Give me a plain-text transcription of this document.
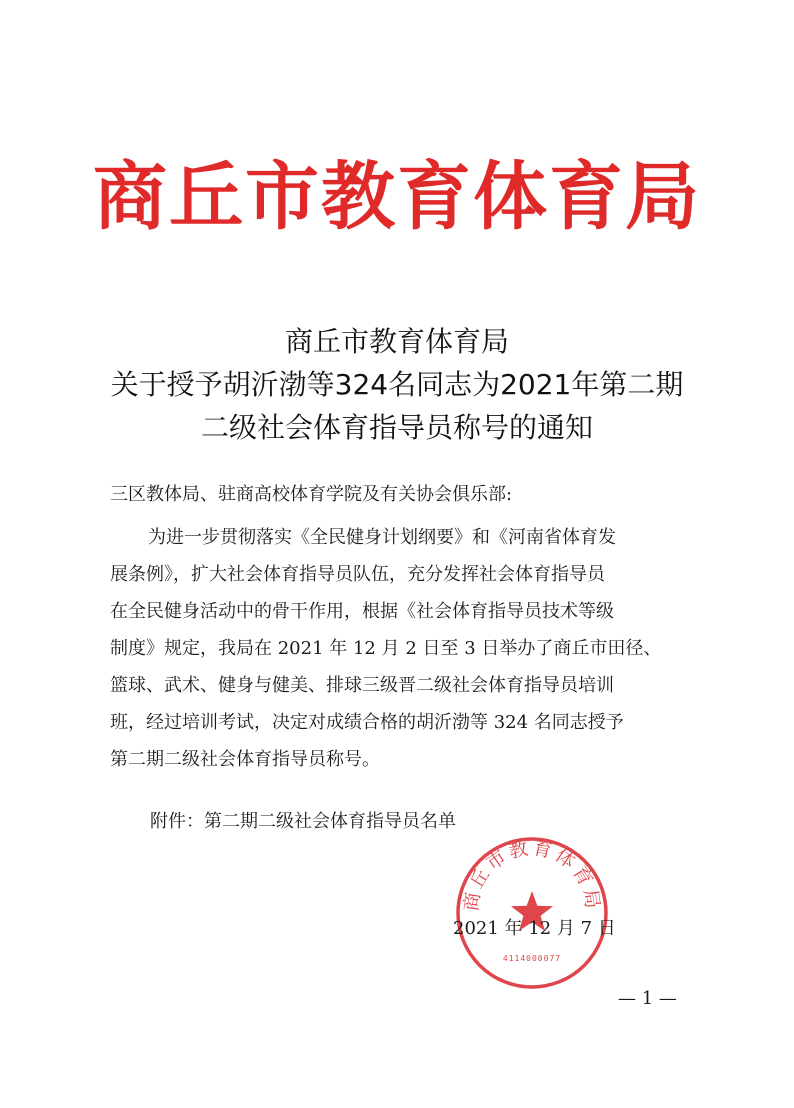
商丘市教育体育局
商丘市教育体育局
关于授予胡沂渤等324名同志为2021年第二期
二级社会体育指导员称号的通知
三区教体局、驻商高校体育学院及有关协会俱乐部:
为进一步贯彻落实《全民健身计划纲要》和《河南省体育发
展条例》，扩大社会体育指导员队伍，充分发挥社会体育指导员
在全民健身活动中的骨干作用，根据《社会体育指导员技术等级
制度》规定，我局在 2021 年 12 月 2 日至 3 日举办了商丘市田径、
篮球、武术、健身与健美、排球三级晋二级社会体育指导员培训
班，经过培训考试，决定对成绩合格的胡沂渤等 324 名同志授予
第二期二级社会体育指导员称号。
附件：第二期二级社会体育指导员名单
商丘市教育体育局
4114000077
2021 年 12 月 7 日
— 1 —
